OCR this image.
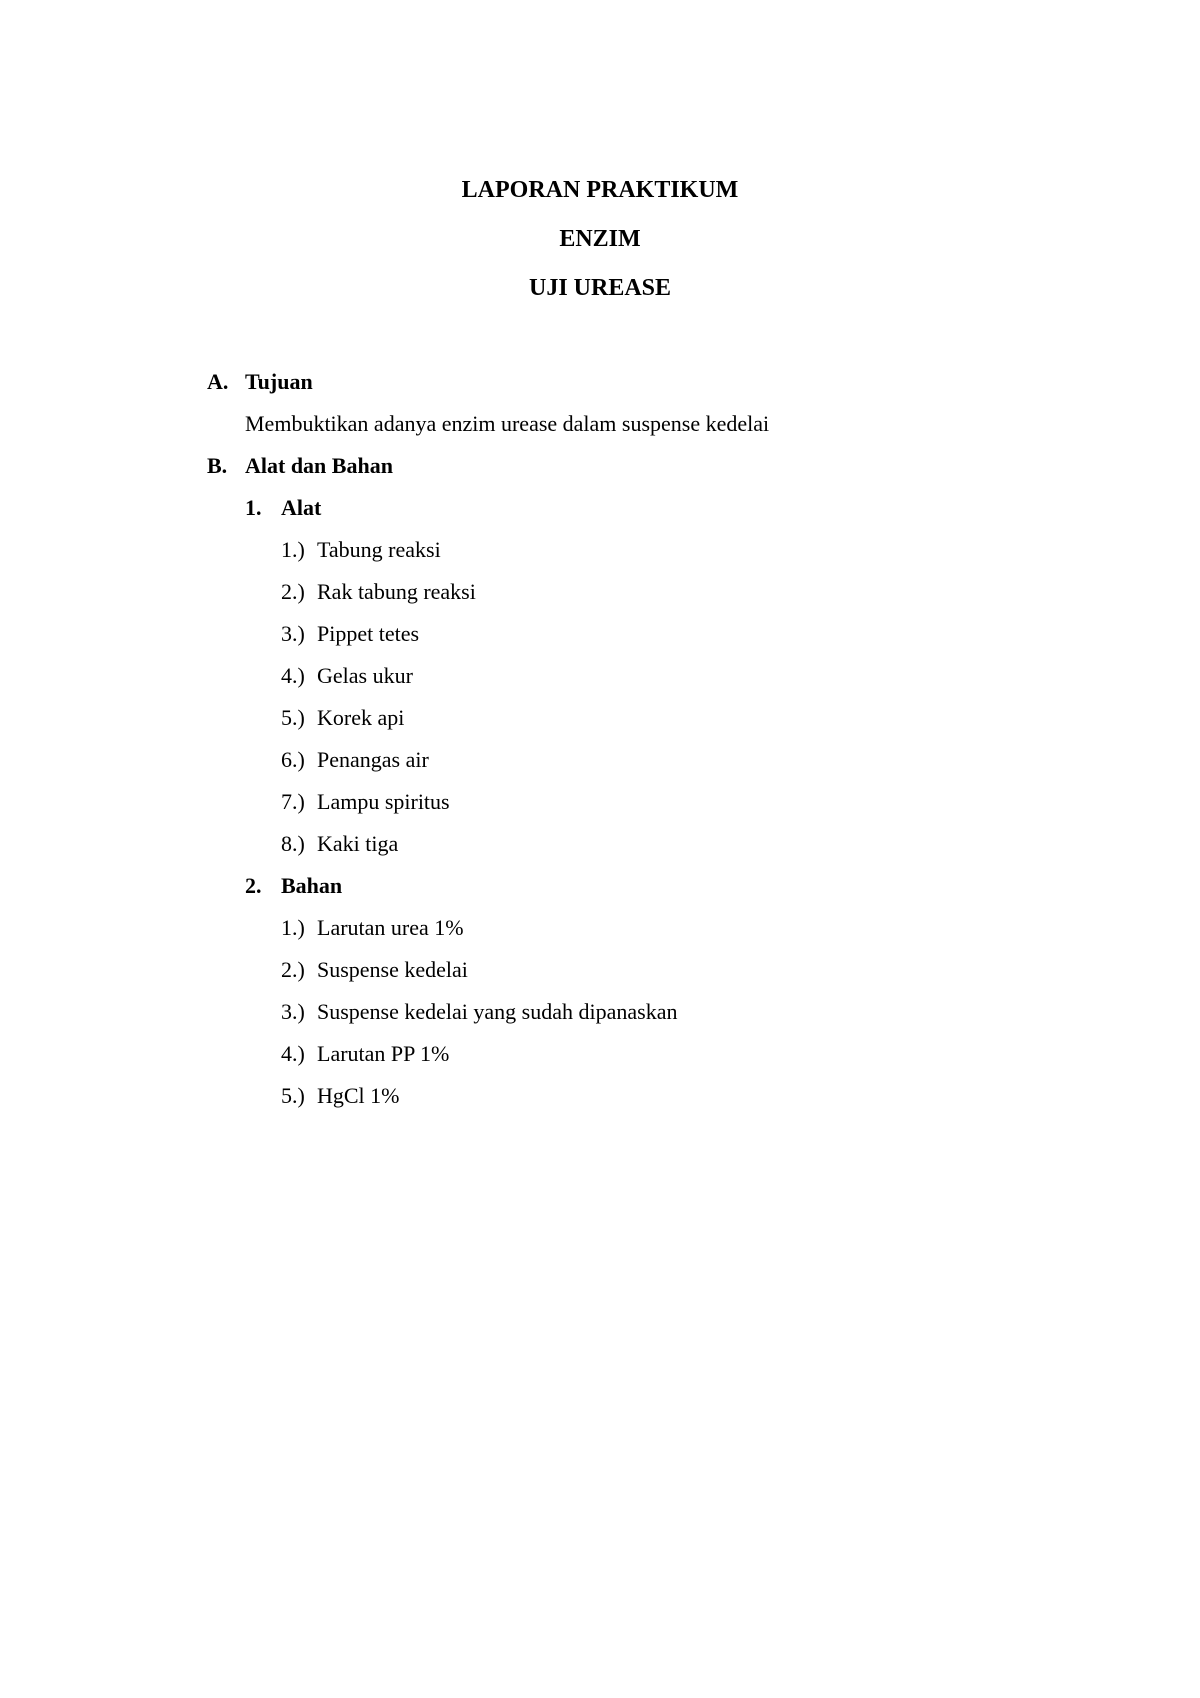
LAPORAN PRAKTIKUM
ENZIM
UJI UREASE
A. Tujuan
Membuktikan adanya enzim urease dalam suspense kedelai
B. Alat dan Bahan
1. Alat
1.) Tabung reaksi
2.) Rak tabung reaksi
3.) Pippet tetes
4.) Gelas ukur
5.) Korek api
6.) Penangas air
7.) Lampu spiritus
8.) Kaki tiga
2. Bahan
1.) Larutan urea 1%
2.) Suspense kedelai
3.) Suspense kedelai yang sudah dipanaskan
4.) Larutan PP 1%
5.) HgCl 1%
